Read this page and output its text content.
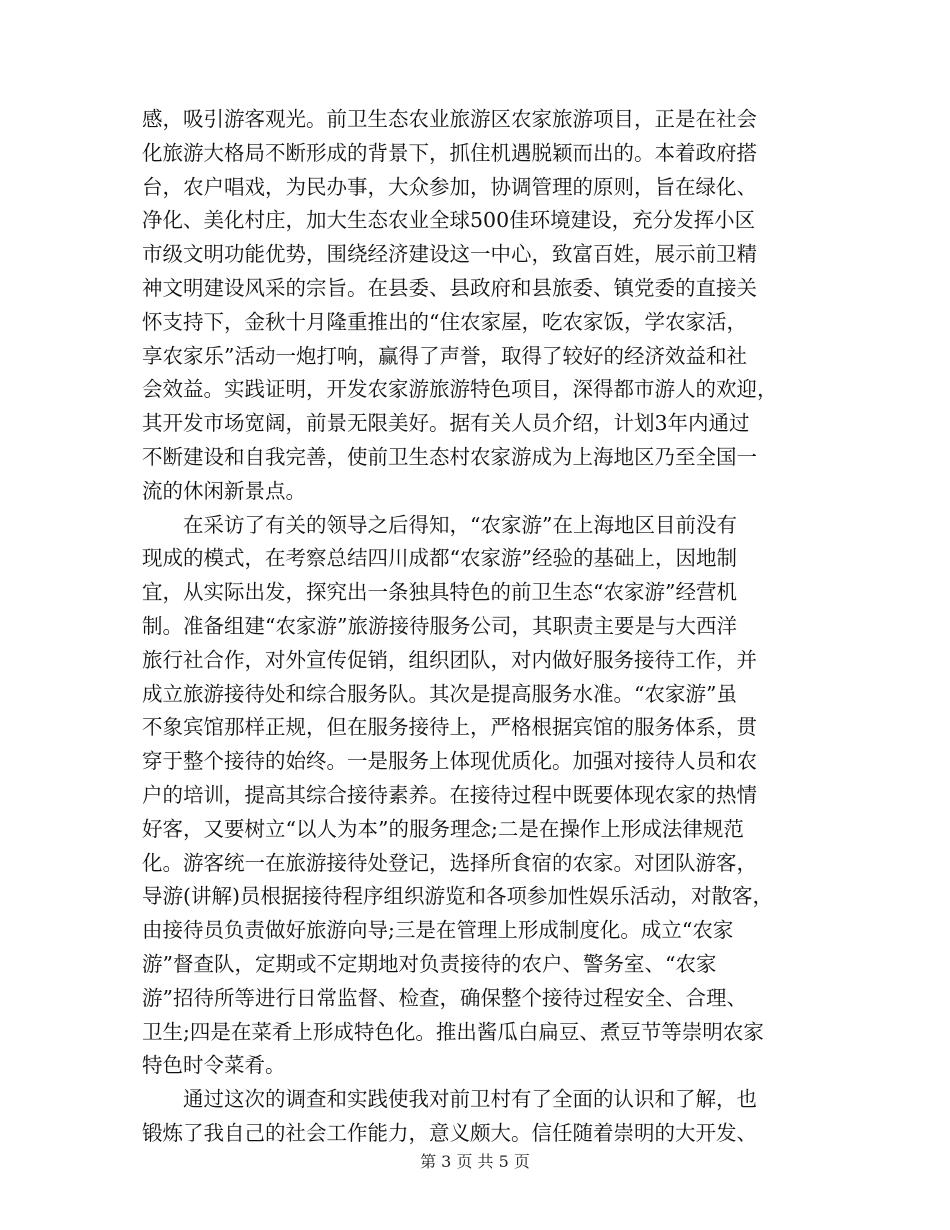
感，吸引游客观光。前卫生态农业旅游区农家旅游项目，正是在社会
化旅游大格局不断形成的背景下，抓住机遇脱颖而出的。本着政府搭
台，农户唱戏，为民办事，大众参加，协调管理的原则，旨在绿化、
净化、美化村庄，加大生态农业全球500佳环境建设，充分发挥小区
市级文明功能优势，围绕经济建设这一中心，致富百姓，展示前卫精
神文明建设风采的宗旨。在县委、县政府和县旅委、镇党委的直接关
怀支持下，金秋十月隆重推出的“住农家屋，吃农家饭，学农家活，
享农家乐”活动一炮打响，赢得了声誉，取得了较好的经济效益和社
会效益。实践证明，开发农家游旅游特色项目，深得都市游人的欢迎，
其开发市场宽阔，前景无限美好。据有关人员介绍，计划3年内通过
不断建设和自我完善，使前卫生态村农家游成为上海地区乃至全国一
流的休闲新景点。
　　在采访了有关的领导之后得知，“农家游”在上海地区目前没有
现成的模式，在考察总结四川成都“农家游”经验的基础上，因地制
宜，从实际出发，探究出一条独具特色的前卫生态“农家游”经营机
制。准备组建“农家游”旅游接待服务公司，其职责主要是与大西洋
旅行社合作，对外宣传促销，组织团队，对内做好服务接待工作，并
成立旅游接待处和综合服务队。其次是提高服务水准。“农家游”虽
不象宾馆那样正规，但在服务接待上，严格根据宾馆的服务体系，贯
穿于整个接待的始终。一是服务上体现优质化。加强对接待人员和农
户的培训，提高其综合接待素养。在接待过程中既要体现农家的热情
好客，又要树立“以人为本”的服务理念;二是在操作上形成法律规范
化。游客统一在旅游接待处登记，选择所食宿的农家。对团队游客，
导游(讲解)员根据接待程序组织游览和各项参加性娱乐活动，对散客，
由接待员负责做好旅游向导;三是在管理上形成制度化。成立“农家
游”督查队，定期或不定期地对负责接待的农户、警务室、“农家
游”招待所等进行日常监督、检查，确保整个接待过程安全、合理、
卫生;四是在菜肴上形成特色化。推出酱瓜白扁豆、煮豆节等崇明农家
特色时令菜肴。
　　通过这次的调查和实践使我对前卫村有了全面的认识和了解，也
锻炼了我自己的社会工作能力，意义颇大。信任随着崇明的大开发、
第 3 页 共 5 页
